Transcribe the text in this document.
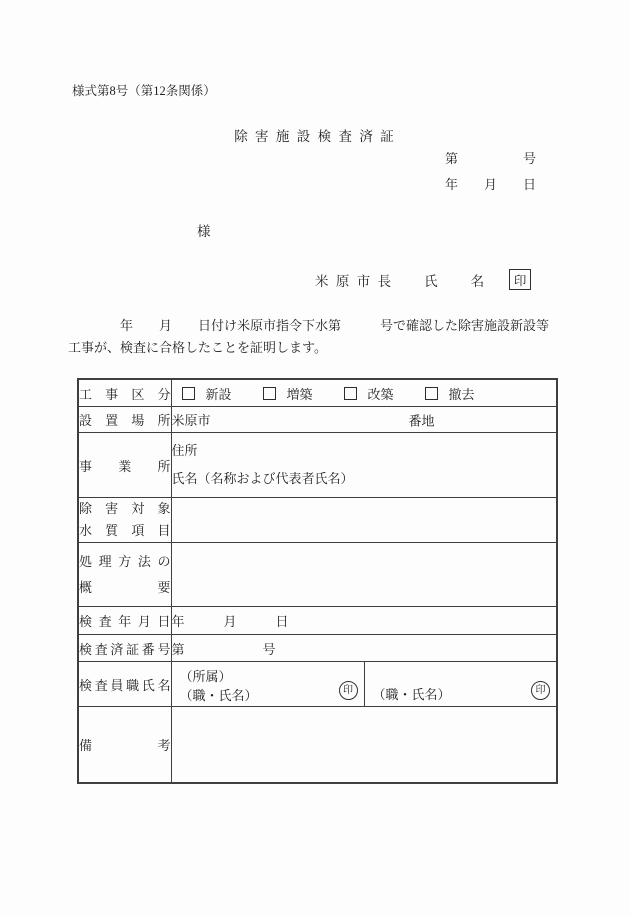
様式第8号（第12条関係）
除 害 施 設 検 査 済 証
第　　　　　号
年　　月　　日
様
米 原 市 長　　氏　　名	印
　　　　年　　月　　日付け米原市指令下水第　　　号で確認した除害施設新設等
工事が、検査に合格したことを証明します。
工事区分	新設 増築 改築 撤去	

設置場所	米原市 番地	

事業所	住所
氏名（名称および代表者氏名）	

除害対象
水質項目		

処理方法の
概要		

検査年月日	年　　　月　　　日	
検査済証番号	第　　　　　　号	
検査員職氏名	
（所属）
（職・氏名）	印	（職・氏名）	印

備考		
